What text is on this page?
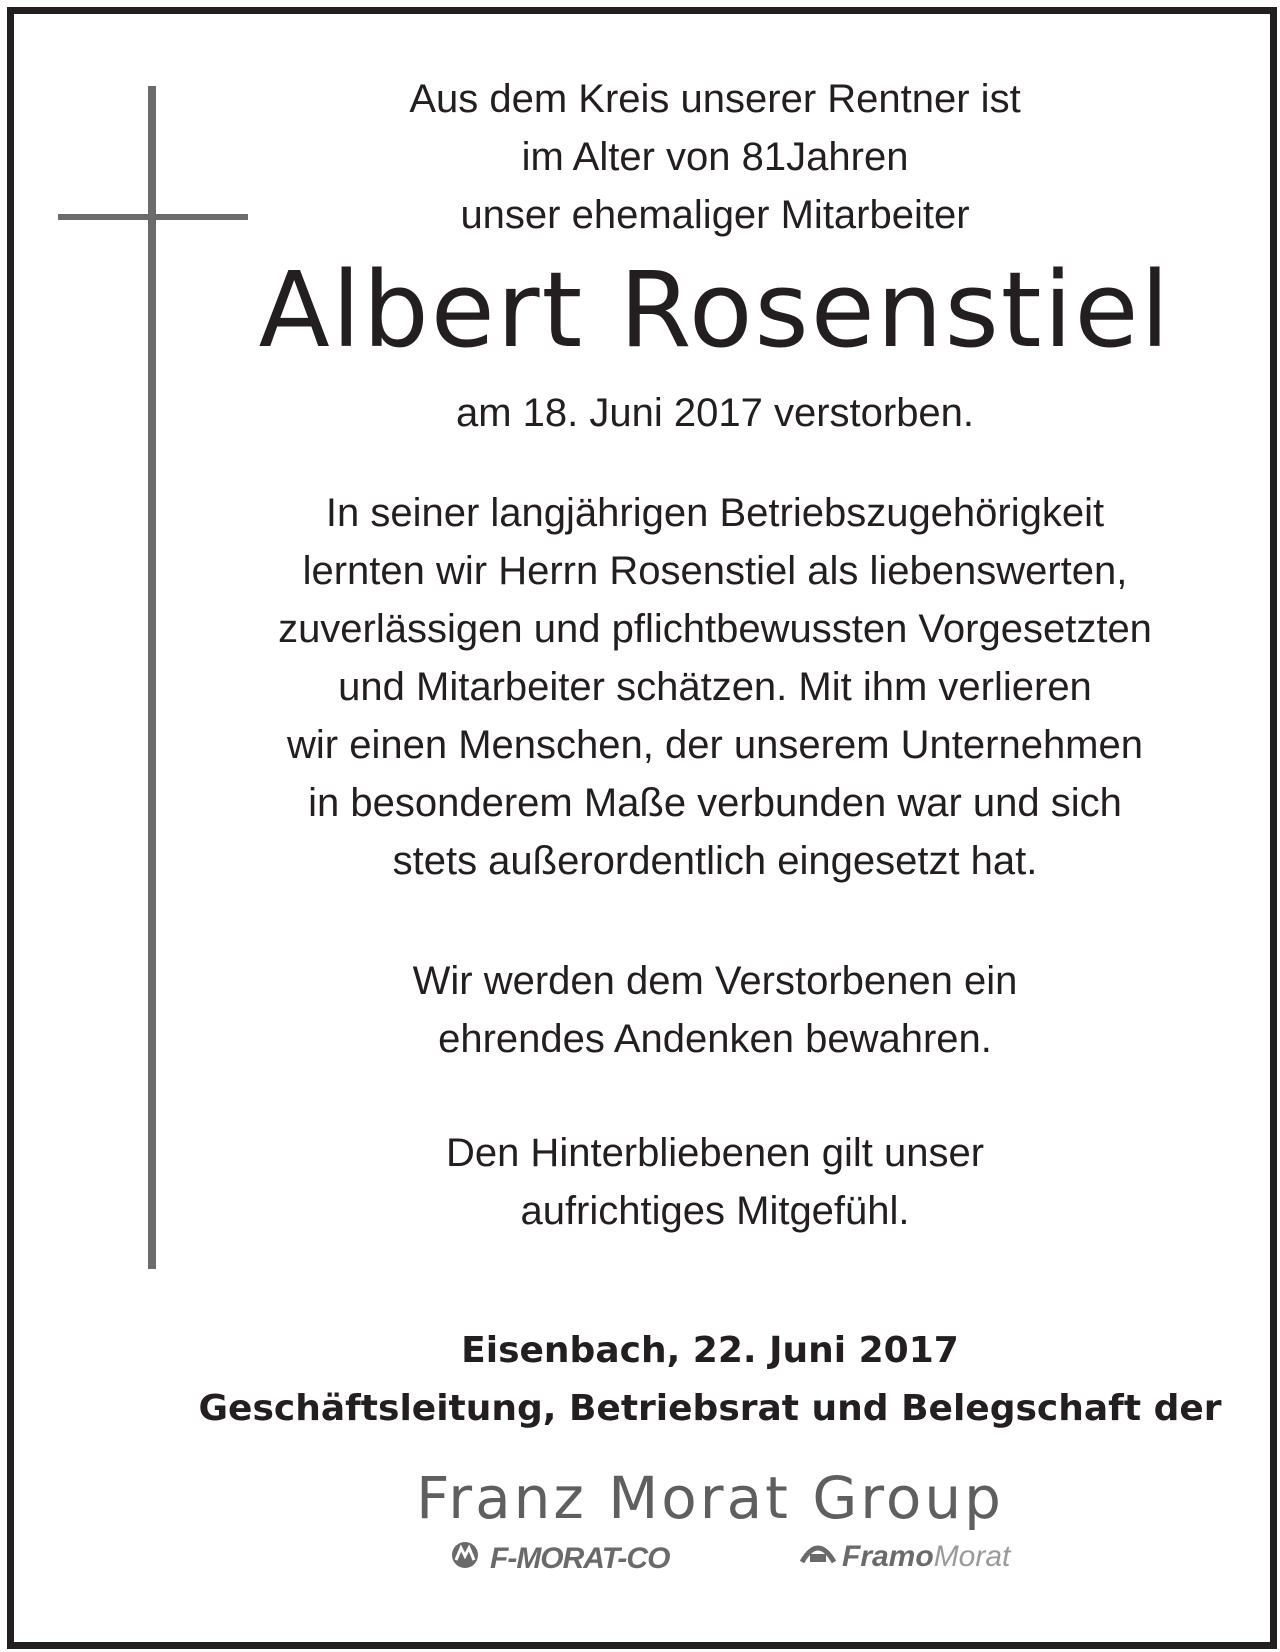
Aus dem Kreis unserer Rentner ist

im Alter von 81Jahren

unser ehemaliger Mitarbeiter

Albert Rosenstiel

am 18. Juni 2017 verstorben.

In seiner langjährigen Betriebszugehörigkeit

lernten wir Herrn Rosenstiel als liebenswerten,

zuverlässigen und pflichtbewussten Vorgesetzten

und Mitarbeiter schätzen. Mit ihm verlieren

wir einen Menschen, der unserem Unternehmen

in besonderem Maße verbunden war und sich

stets außerordentlich eingesetzt hat.

Wir werden dem Verstorbenen ein

ehrendes Andenken bewahren.

Den Hinterbliebenen gilt unser

aufrichtiges Mitgefühl.

Eisenbach, 22. Juni 2017

Geschäftsleitung, Betriebsrat und Belegschaft der

Franz Morat Group
F-MORAT-CO	Framo Morat
